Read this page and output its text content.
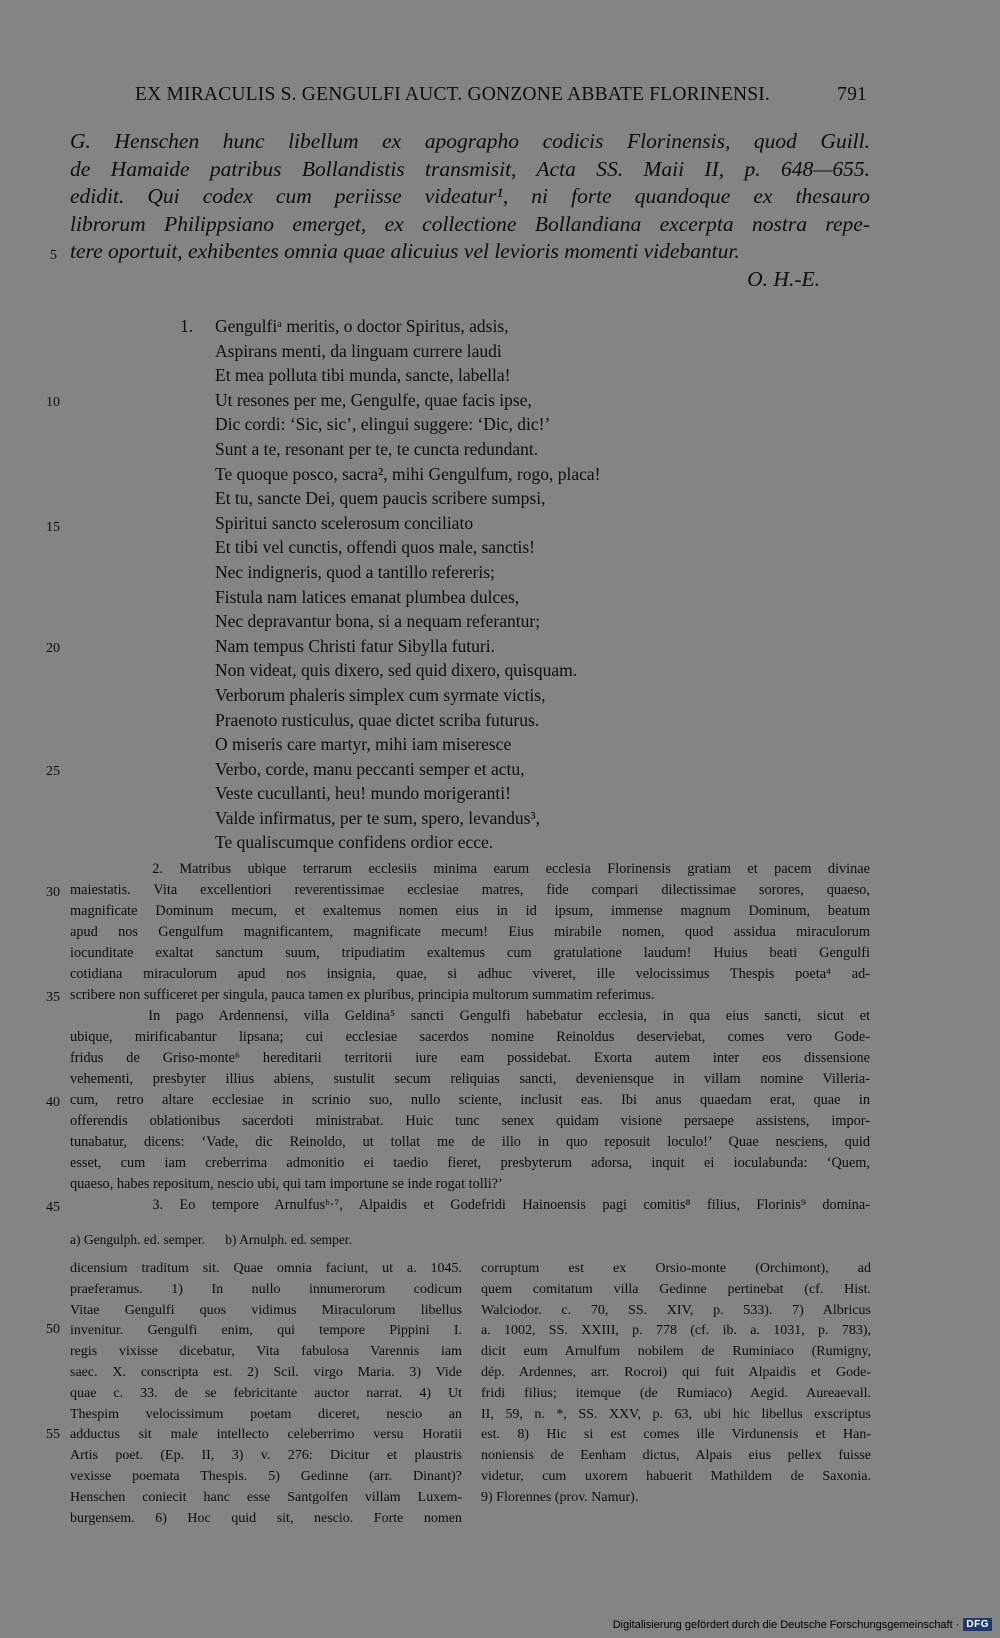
EX MIRACULIS S. GENGULFI AUCT. GONZONE ABBATE FLORINENSI.	791
G. Henschen hunc libellum ex apographo codicis Florinensis, quod Guill.
de Hamaide patribus Bollandistis transmisit, Acta SS. Maii II, p. 648—655.
edidit. Qui codex cum periisse videatur¹, ni forte quandoque ex thesauro
librorum Philippsiano emerget, ex collectione Bollandiana excerpta nostra repe-
tere oportuit, exhibentes omnia quae alicuius vel levioris momenti videbantur.
O. H.-E.
5
10
15
20
25
30
35
40
45
50
55
1. Gengulfiᵃ meritis, o doctor Spiritus, adsis,
Aspirans menti, da linguam currere laudi
Et mea polluta tibi munda, sancte, labella!
Ut resones per me, Gengulfe, quae facis ipse,
Dic cordi: ‘Sic, sic’, elingui suggere: ‘Dic, dic!’
Sunt a te, resonant per te, te cuncta redundant.
Te quoque posco, sacra², mihi Gengulfum, rogo, placa!
Et tu, sancte Dei, quem paucis scribere sumpsi,
Spiritui sancto scelerosum conciliato
Et tibi vel cunctis, offendi quos male, sanctis!
Nec indigneris, quod a tantillo refereris;
Fistula nam latices emanat plumbea dulces,
Nec depravantur bona, si a nequam referantur;
Nam tempus Christi fatur Sibylla futuri.
Non videat, quis dixero, sed quid dixero, quisquam.
Verborum phaleris simplex cum syrmate victis,
Praenoto rusticulus, quae dictet scriba futurus.
O miseris care martyr, mihi iam miseresce
Verbo, corde, manu peccanti semper et actu,
Veste cucullanti, heu! mundo morigeranti!
Valde infirmatus, per te sum, spero, levandus³,
Te qualiscumque confidens ordior ecce.
2. Matribus ubique terrarum ecclesiis minima earum ecclesia Florinensis gratiam et pacem divinae
maiestatis. Vita excellentiori reverentissimae ecclesiae matres, fide compari dilectissimae sorores, quaeso,
magnificate Dominum mecum, et exaltemus nomen eius in id ipsum, immense magnum Dominum, beatum
apud nos Gengulfum magnificantem, magnificate mecum! Eius mirabile nomen, quod assidua miraculorum
iocunditate exaltat sanctum suum, tripudiatim exaltemus cum gratulatione laudum! Huius beati Gengulfi
cotidiana miraculorum apud nos insignia, quae, si adhuc viveret, ille velocissimus Thespis poeta⁴ ad-
scribere non sufficeret per singula, pauca tamen ex pluribus, principia multorum summatim referimus.
In pago Ardennensi, villa Geldina⁵ sancti Gengulfi habebatur ecclesia, in qua eius sancti, sicut et
ubique, mirificabantur lipsana; cui ecclesiae sacerdos nomine Reinoldus deserviebat, comes vero Gode-
fridus de Griso-monte⁶ hereditarii territorii iure eam possidebat. Exorta autem inter eos dissensione
vehementi, presbyter illius abiens, sustulit secum reliquias sancti, deveniensque in villam nomine Villeria-
cum, retro altare ecclesiae in scrinio suo, nullo sciente, inclusit eas. Ibi anus quaedam erat, quae in
offerendis oblationibus sacerdoti ministrabat. Huic tunc senex quidam visione persaepe assistens, impor-
tunabatur, dicens: ‘Vade, dic Reinoldo, ut tollat me de illo in quo reposuit loculo!’ Quae nesciens, quid
esset, cum iam creberrima admonitio ei taedio fieret, presbyterum adorsa, inquit ei ioculabunda: ‘Quem,
quaeso, habes repositum, nescio ubi, qui tam importune se inde rogat tolli?’
3. Eo tempore Arnulfusᵇ·⁷, Alpaidis et Godefridi Hainoensis pagi comitis⁸ filius, Florinis⁹ domina-
a) Gengulph. ed. semper.      b) Arnulph. ed. semper.
dicensium traditum sit. Quae omnia faciunt, ut a. 1045.
praeferamus. 1) In nullo innumerorum codicum
Vitae Gengulfi quos vidimus Miraculorum libellus
invenitur. Gengulfi enim, qui tempore Pippini I.
regis vixisse dicebatur, Vita fabulosa Varennis iam
saec. X. conscripta est. 2) Scil. virgo Maria. 3) Vide
quae c. 33. de se febricitante auctor narrat. 4) Ut
Thespim velocissimum poetam diceret, nescio an
adductus sit male intellecto celeberrimo versu Horatii
Artis poet. (Ep. II, 3) v. 276: Dicitur et plaustris
vexisse poemata Thespis. 5) Gedinne (arr. Dinant)?
Henschen coniecit hanc esse Santgolfen villam Luxem-
burgensem. 6) Hoc quid sit, nescio. Forte nomen
corruptum est ex Orsio-monte (Orchimont), ad
quem comitatum villa Gedinne pertinebat (cf. Hist.
Walciodor. c. 70, SS. XIV, p. 533). 7) Albricus
a. 1002, SS. XXIII, p. 778 (cf. ib. a. 1031, p. 783),
dicit eum Arnulfum nobilem de Ruminiaco (Rumigny,
dép. Ardennes, arr. Rocroi) qui fuit Alpaidis et Gode-
fridi filius; itemque (de Rumiaco) Aegid. Aureaevall.
II, 59, n. *, SS. XXV, p. 63, ubi hic libellus exscriptus
est. 8) Hic si est comes ille Virdunensis et Han-
noniensis de Eenham dictus, Alpais eius pellex fuisse
videtur, cum uxorem habuerit Mathildem de Saxonia.
9) Florennes (prov. Namur).
Digitalisierung gefördert durch die Deutsche Forschungsgemeinschaft · DFG
